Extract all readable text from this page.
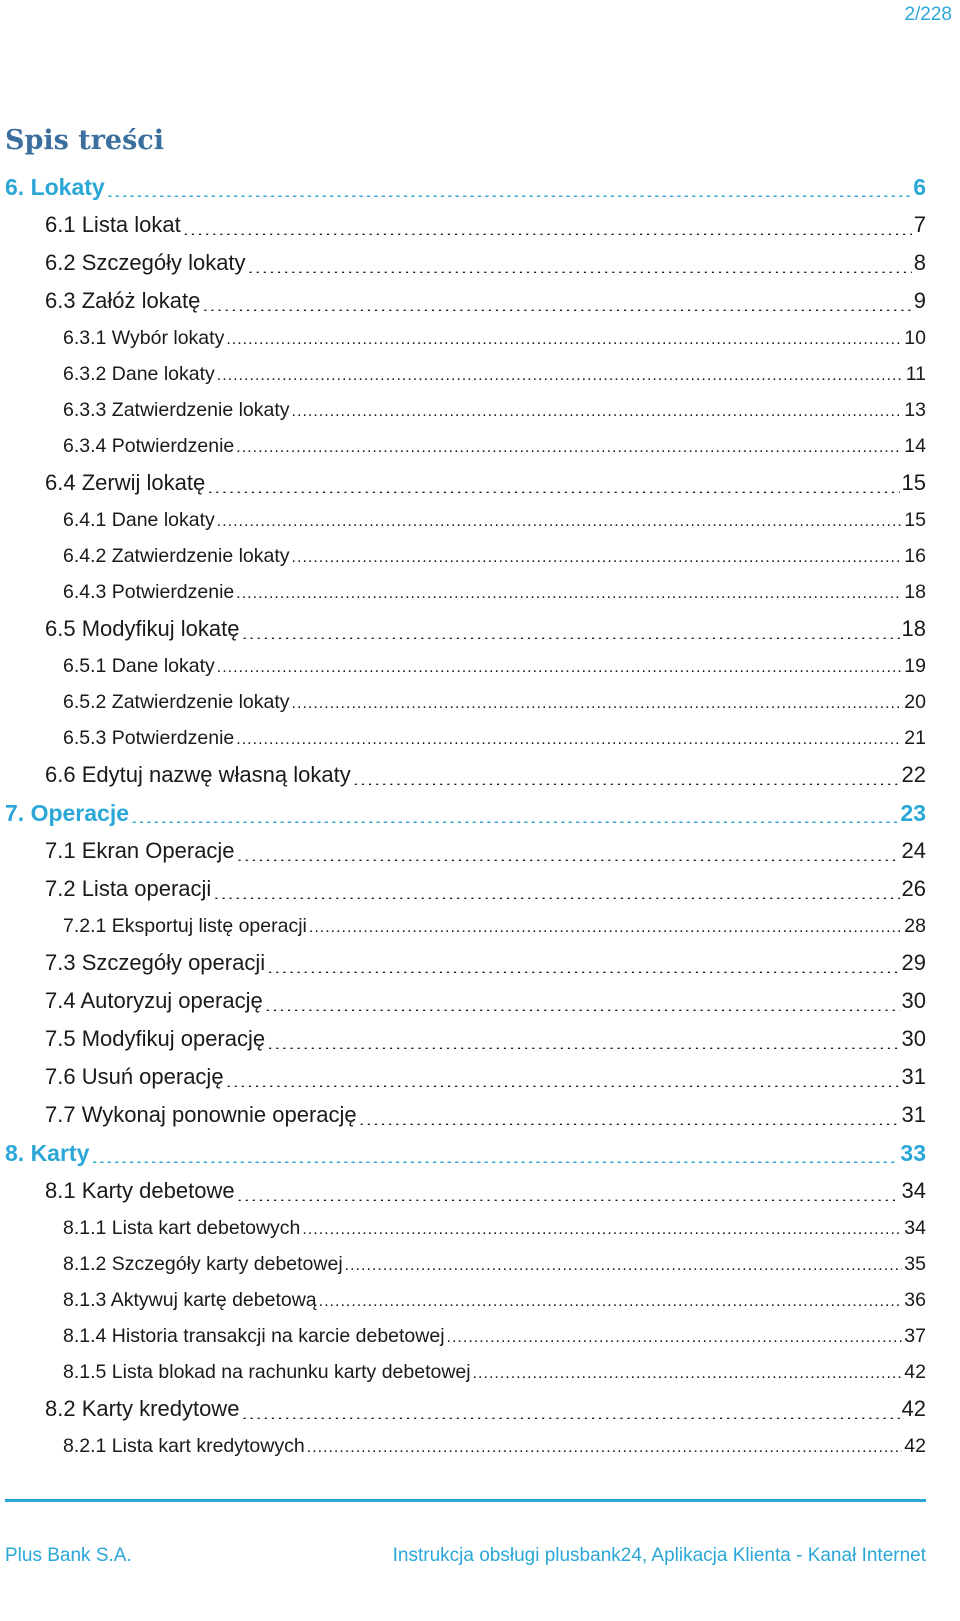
2/228
Spis treści
6. Lokaty .....	6
6.1 Lista lokat .....	7
6.2 Szczegóły lokaty .....	8
6.3 Załóż lokatę .....	9
6.3.1 Wybór lokaty .....	10
6.3.2 Dane lokaty .....	11
6.3.3 Zatwierdzenie lokaty .....	13
6.3.4 Potwierdzenie .....	14
6.4 Zerwij lokatę .....	15
6.4.1 Dane lokaty .....	15
6.4.2 Zatwierdzenie lokaty .....	16
6.4.3 Potwierdzenie .....	18
6.5 Modyfikuj lokatę .....	18
6.5.1 Dane lokaty .....	19
6.5.2 Zatwierdzenie lokaty .....	20
6.5.3 Potwierdzenie .....	21
6.6 Edytuj nazwę własną lokaty .....	22
7. Operacje .....	23
7.1 Ekran Operacje .....	24
7.2 Lista operacji .....	26
7.2.1 Eksportuj listę operacji .....	28
7.3 Szczegóły operacji .....	29
7.4 Autoryzuj operację .....	30
7.5 Modyfikuj operację .....	30
7.6 Usuń operację .....	31
7.7 Wykonaj ponownie operację .....	31
8. Karty .....	33
8.1 Karty debetowe .....	34
8.1.1 Lista kart debetowych .....	34
8.1.2 Szczegóły karty debetowej .....	35
8.1.3 Aktywuj kartę debetową .....	36
8.1.4 Historia transakcji na karcie debetowej .....	37
8.1.5 Lista blokad na rachunku karty debetowej .....	42
8.2 Karty kredytowe .....	42
8.2.1 Lista kart kredytowych .....	42
Plus Bank S.A.	Instrukcja obsługi plusbank24, Aplikacja Klienta - Kanał Internet
